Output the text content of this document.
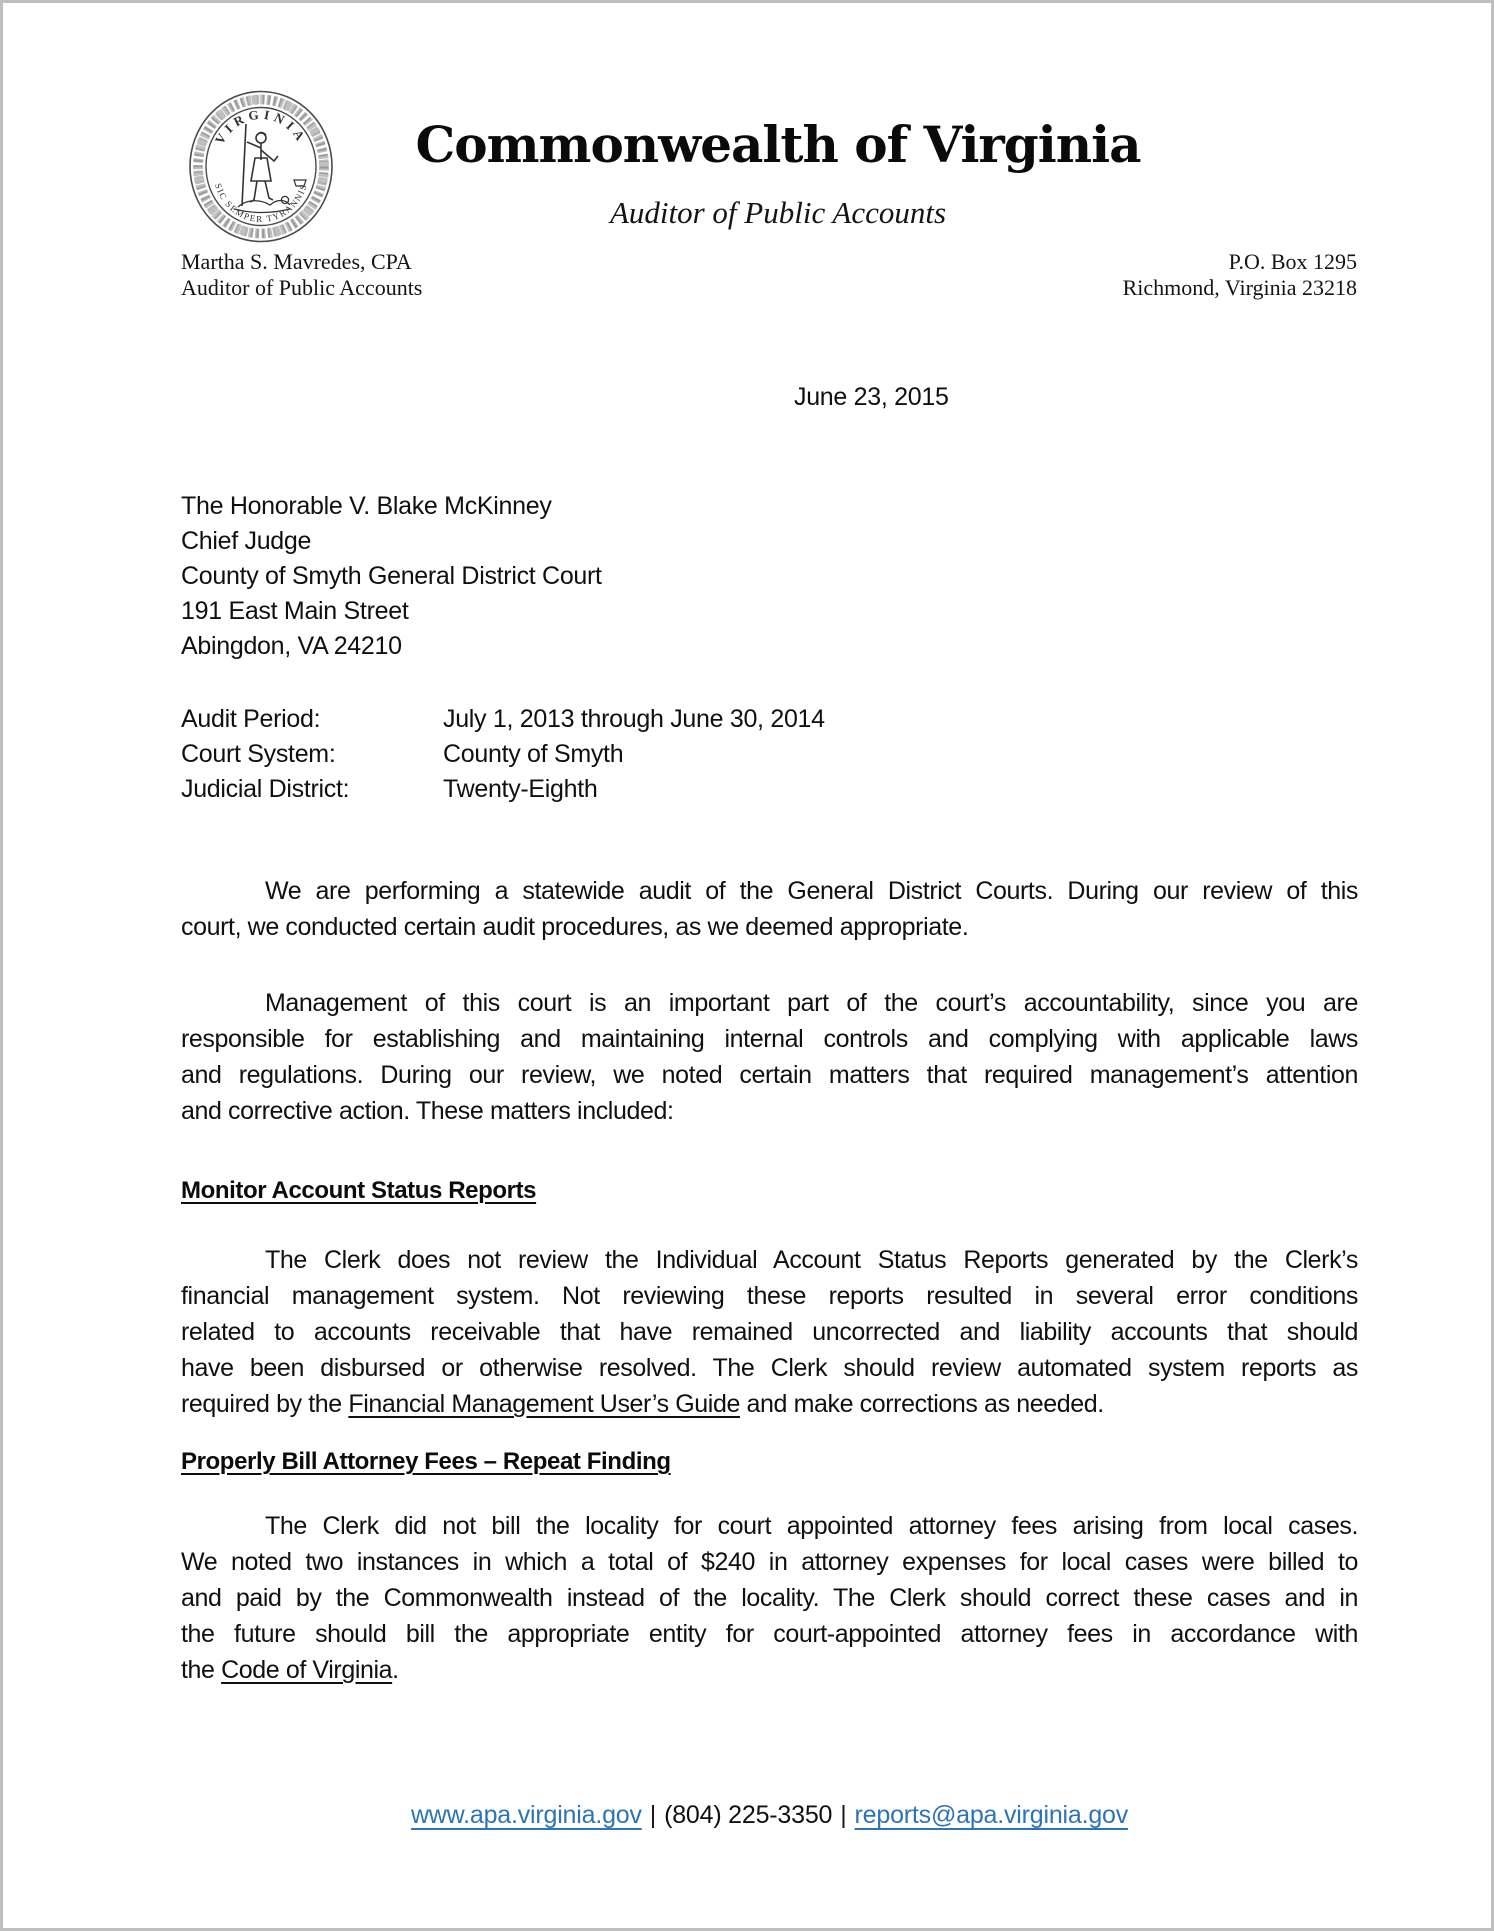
VIRGINIA
SIC SEMPER TYRANNIS
Commonwealth of Virginia
Auditor of Public Accounts
Martha S. Mavredes, CPA
Auditor of Public Accounts
P.O. Box 1295
Richmond, Virginia 23218
June 23, 2015
The Honorable V. Blake McKinney
Chief Judge
County of Smyth General District Court
191 East Main Street
Abingdon, VA 24210
Audit Period:	July 1, 2013 through June 30, 2014
Court System:	County of Smyth
Judicial District:	Twenty-Eighth
We are performing a statewide audit of the General District Courts. During our review of this
court, we conducted certain audit procedures, as we deemed appropriate.
Management of this court is an important part of the court’s accountability, since you are
responsible for establishing and maintaining internal controls and complying with applicable laws
and regulations. During our review, we noted certain matters that required management’s attention
and corrective action. These matters included:
Monitor Account Status Reports
The Clerk does not review the Individual Account Status Reports generated by the Clerk’s
financial management system. Not reviewing these reports resulted in several error conditions
related to accounts receivable that have remained uncorrected and liability accounts that should
have been disbursed or otherwise resolved. The Clerk should review automated system reports as
required by the Financial Management User’s Guide and make corrections as needed.
Properly Bill Attorney Fees – Repeat Finding
The Clerk did not bill the locality for court appointed attorney fees arising from local cases.
We noted two instances in which a total of $240 in attorney expenses for local cases were billed to
and paid by the Commonwealth instead of the locality. The Clerk should correct these cases and in
the future should bill the appropriate entity for court-appointed attorney fees in accordance with
the Code of Virginia.
www.apa.virginia.gov | (804) 225-3350 | reports@apa.virginia.gov
